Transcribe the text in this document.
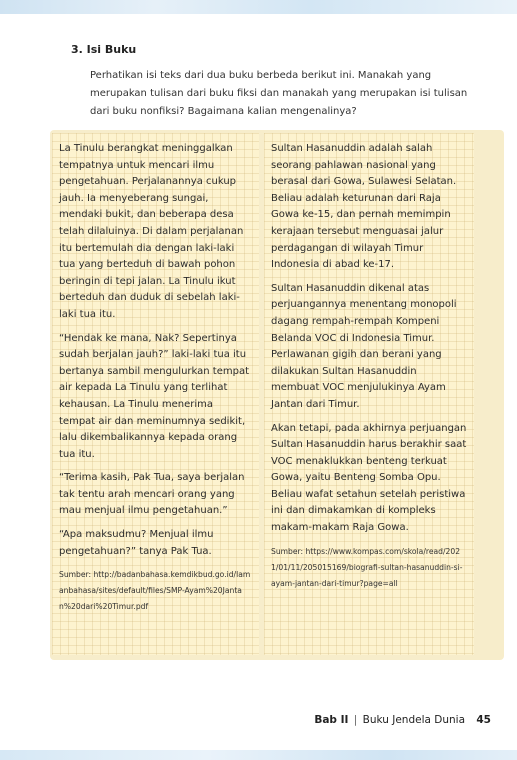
3. Isi Buku
Perhatikan isi teks dari dua buku berbeda berikut ini. Manakah yang merupakan tulisan dari buku fiksi dan manakah yang merupakan isi tulisan dari buku nonfiksi? Bagaimana kalian mengenalinya?

La Tinulu berangkat meninggalkan tempatnya untuk mencari ilmu pengetahuan. Perjalanannya cukup jauh. Ia menyeberang sungai, mendaki bukit, dan beberapa desa telah dilaluinya. Di dalam perjalanan itu bertemulah dia dengan laki-laki tua yang berteduh di bawah pohon beringin di tepi jalan. La Tinulu ikut berteduh dan duduk di sebelah laki-laki tua itu.

“Hendak ke mana, Nak? Sepertinya sudah berjalan jauh?” laki-laki tua itu bertanya sambil mengulurkan tempat air kepada La Tinulu yang terlihat kehausan. La Tinulu menerima tempat air dan meminumnya sedikit, lalu dikembalikannya kepada orang tua itu.

“Terima kasih, Pak Tua, saya berjalan tak tentu arah mencari orang yang mau menjual ilmu pengetahuan.”

“Apa maksudmu? Menjual ilmu pengetahuan?” tanya Pak Tua.

Sumber: http://badanbahasa.kemdikbud.go.id/lamanbahasa/sites/default/files/SMP-Ayam%20Jantan%20dari%20Timur.pdf

Sultan Hasanuddin adalah salah seorang pahlawan nasional yang berasal dari Gowa, Sulawesi Selatan. Beliau adalah keturunan dari Raja Gowa ke-15, dan pernah memimpin kerajaan tersebut menguasai jalur perdagangan di wilayah Timur Indonesia di abad ke-17.

Sultan Hasanuddin dikenal atas perjuangannya menentang monopoli dagang rempah-rempah Kompeni Belanda VOC di Indonesia Timur. Perlawanan gigih dan berani yang dilakukan Sultan Hasanuddin membuat VOC menjulukinya Ayam Jantan dari Timur.

Akan tetapi, pada akhirnya perjuangan Sultan Hasanuddin harus berakhir saat VOC menaklukkan benteng terkuat Gowa, yaitu Benteng Somba Opu. Beliau wafat setahun setelah peristiwa ini dan dimakamkan di kompleks makam-makam Raja Gowa.

Sumber: https://www.kompas.com/skola/read/2021/01/11/205015169/biografi-sultan-hasanuddin-si-ayam-jantan-dari-timur?page=all

Bab II | Buku Jendela Dunia 45
